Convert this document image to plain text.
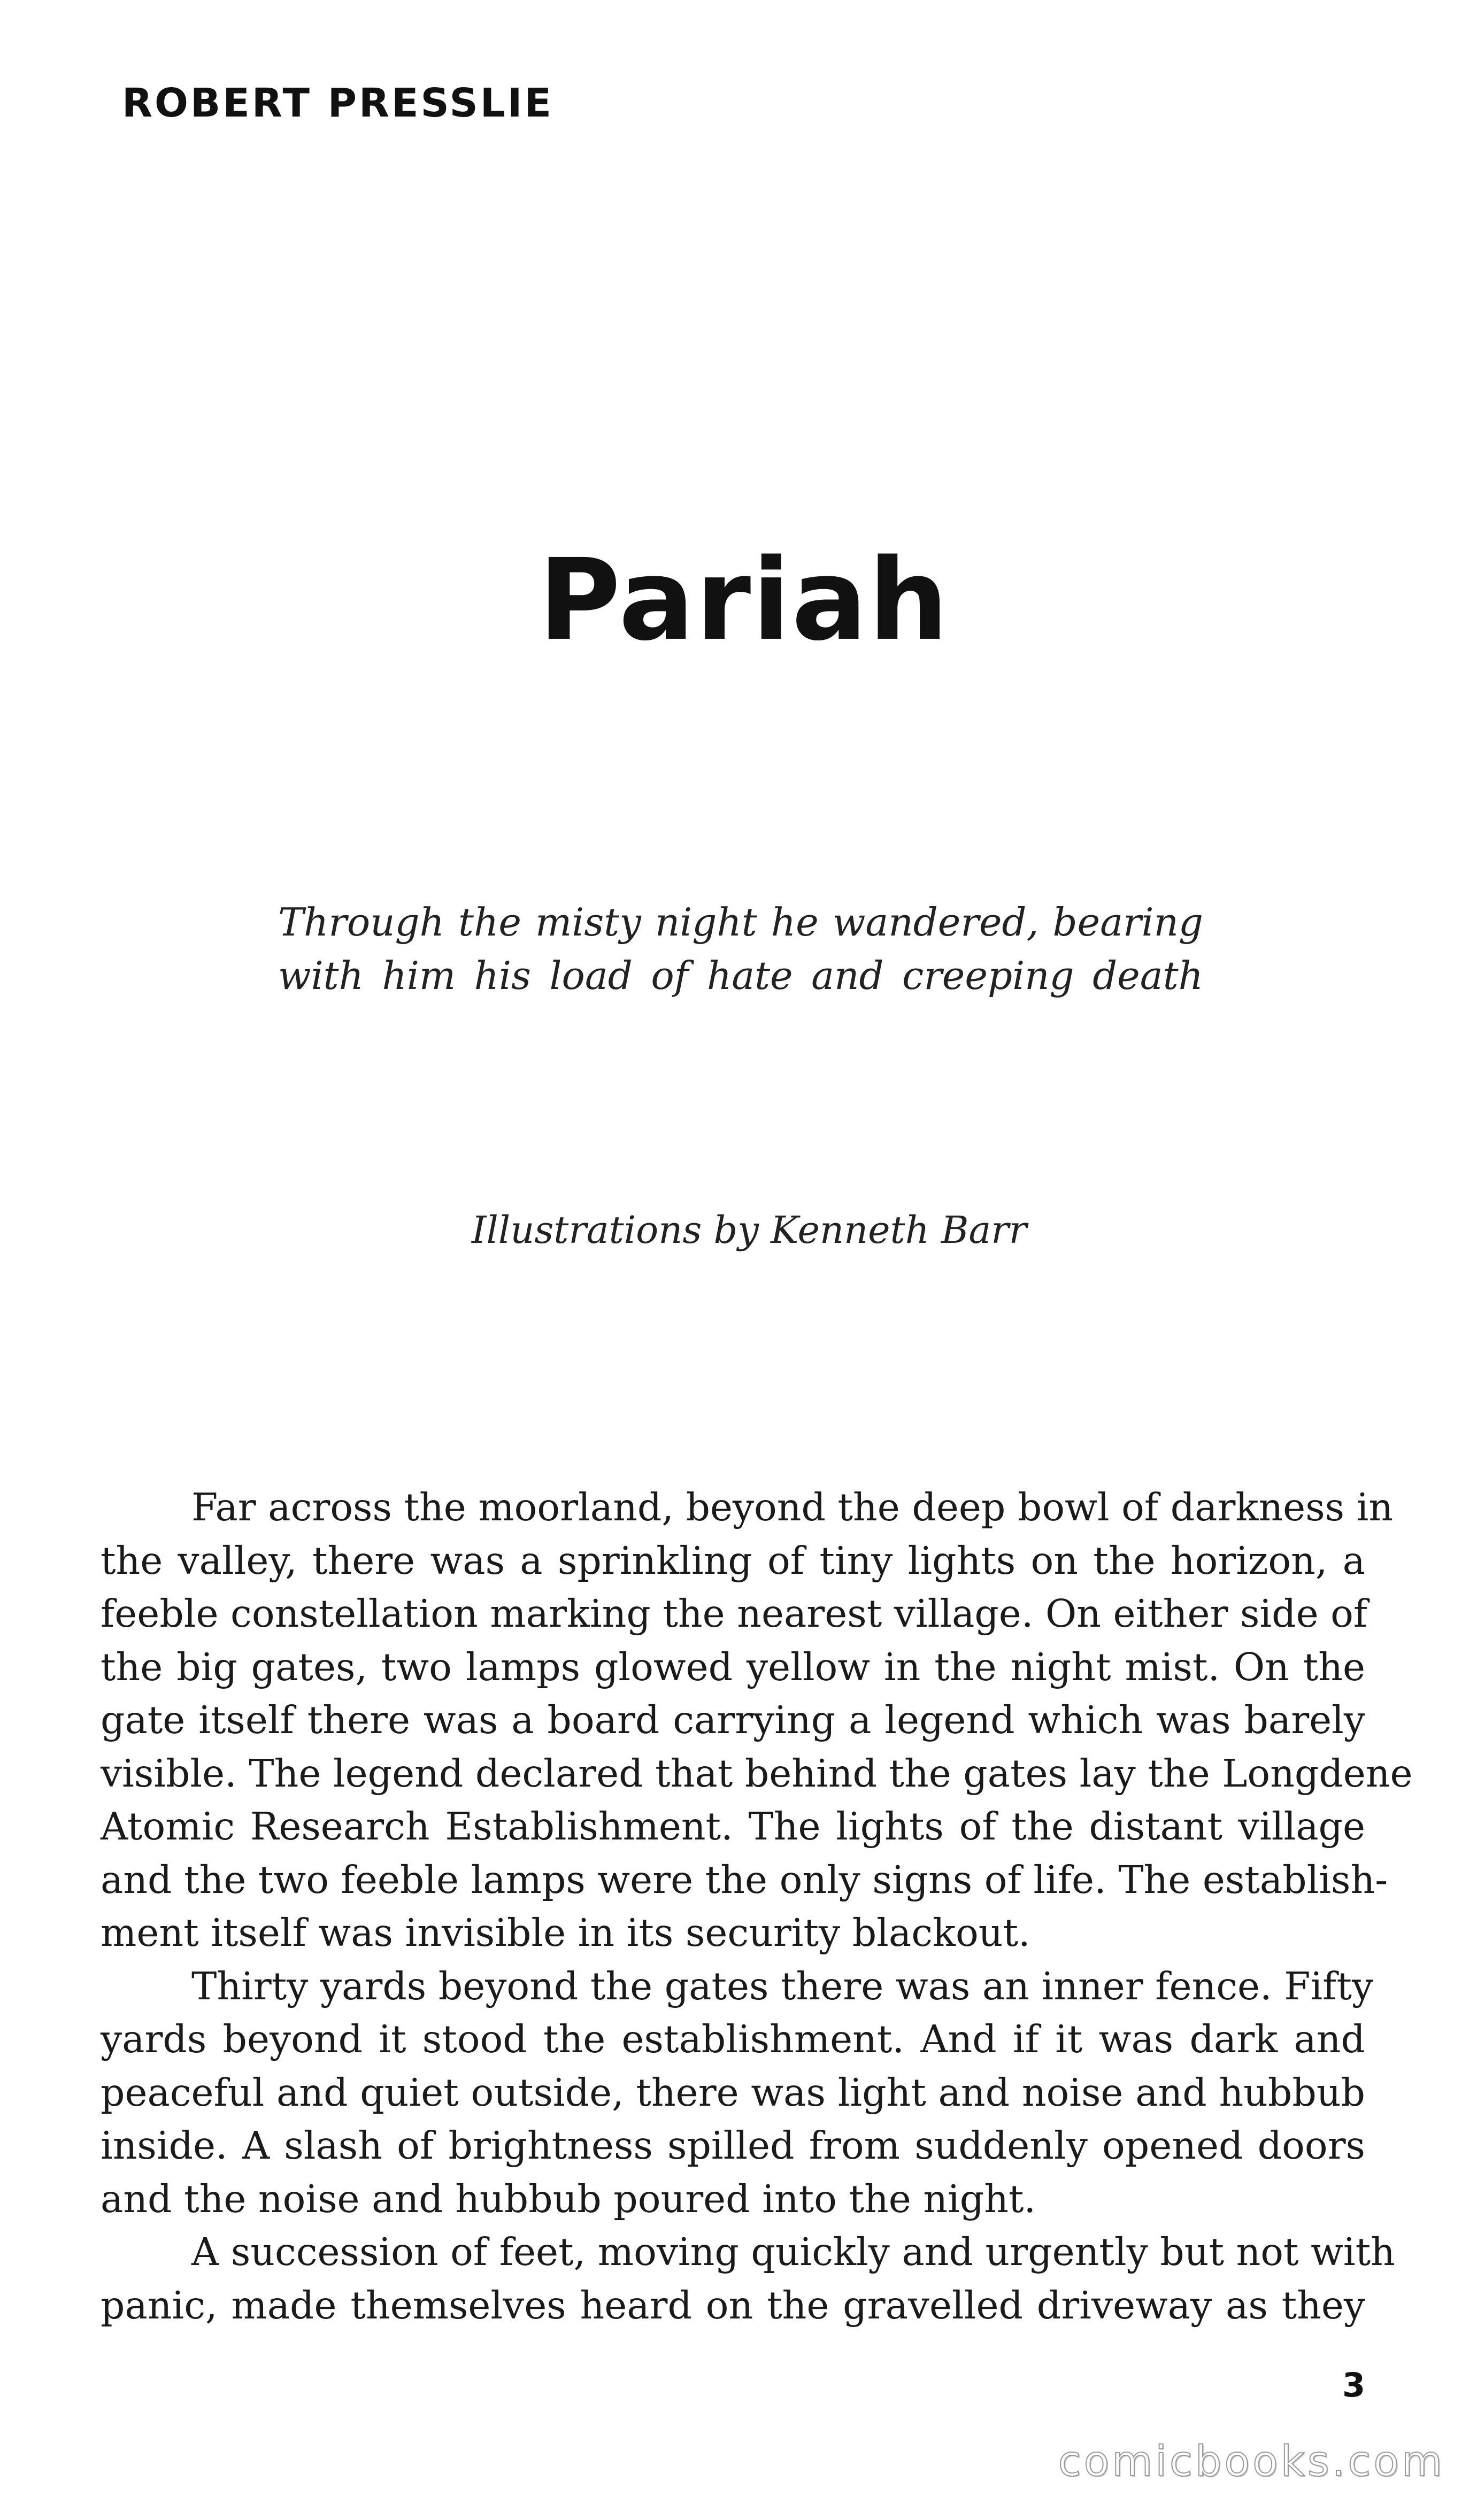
ROBERT PRESSLIE
Pariah
Through the misty night he wandered, bearing
with him his load of hate and creeping death
Illustrations by Kenneth Barr
Far across the moorland, beyond the deep bowl of darkness in
the valley, there was a sprinkling of tiny lights on the horizon, a
feeble constellation marking the nearest village. On either side of
the big gates, two lamps glowed yellow in the night mist. On the
gate itself there was a board carrying a legend which was barely
visible. The legend declared that behind the gates lay the Longdene
Atomic Research Establishment. The lights of the distant village
and the two feeble lamps were the only signs of life. The establish-
ment itself was invisible in its security blackout.
Thirty yards beyond the gates there was an inner fence. Fifty
yards beyond it stood the establishment. And if it was dark and
peaceful and quiet outside, there was light and noise and hubbub
inside. A slash of brightness spilled from suddenly opened doors
and the noise and hubbub poured into the night.
A succession of feet, moving quickly and urgently but not with
panic, made themselves heard on the gravelled driveway as they
3
comicbooks.com
